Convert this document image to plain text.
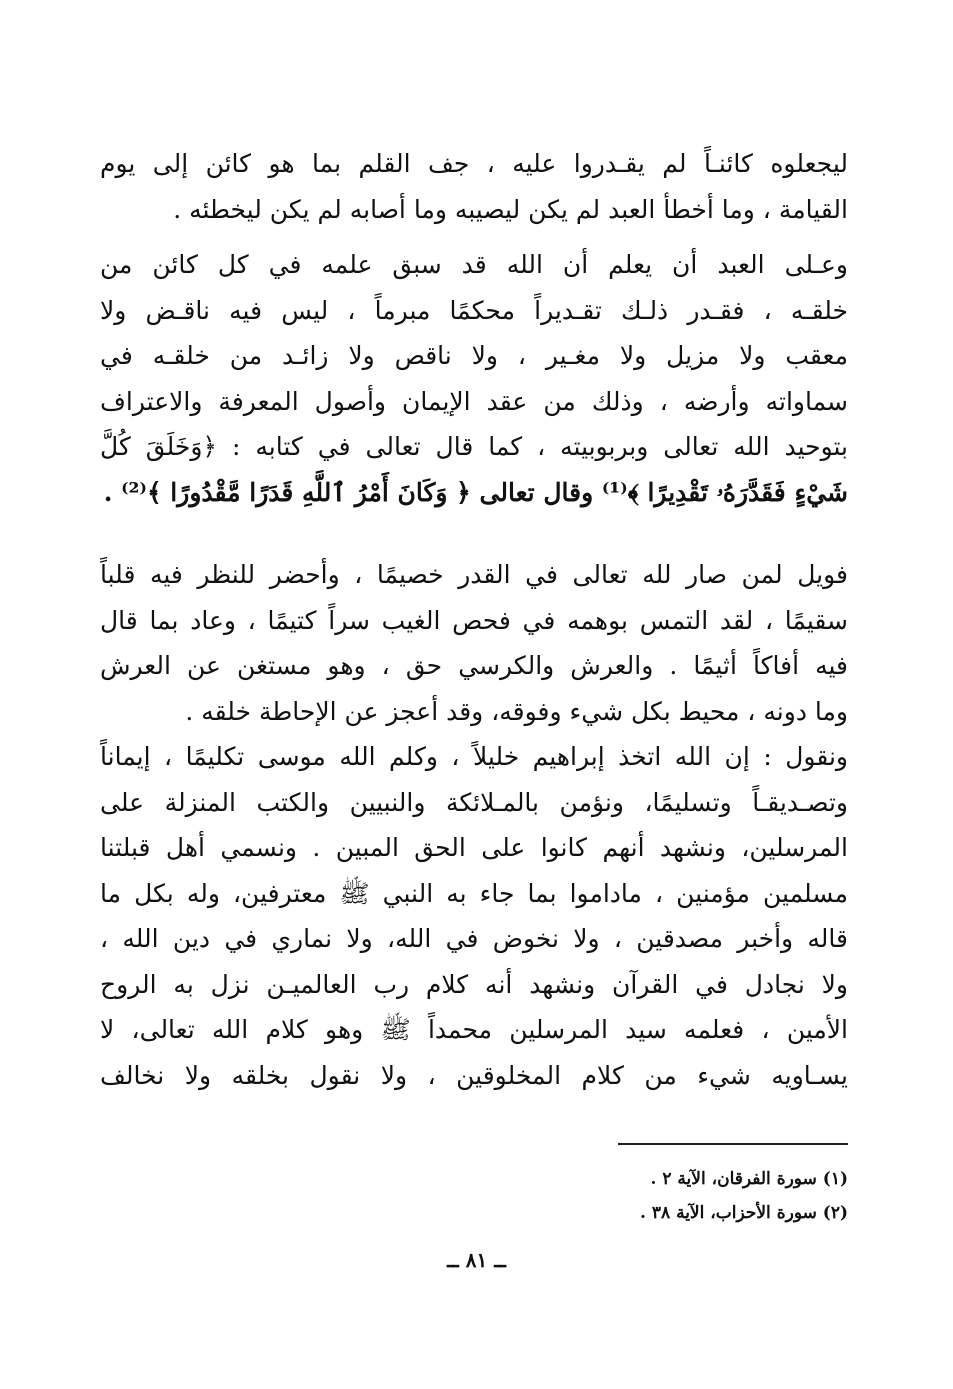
ليجعلوه كائنـاً لم يقـدروا عليه ، جف القلم بما هو كائن إلى يوم
القيامة ، وما أخطأ العبد لم يكن ليصيبه وما أصابه لم يكن ليخطئه .
وعـلى العبد أن يعلم أن الله قد سبق علمه في كل كائن من
خلقـه ، فقـدر ذلـك تقـديراً محكمًا مبرماً ، ليس فيه ناقـض ولا
معقب ولا مزيل ولا مغـير ، ولا ناقص ولا زائـد من خلقـه في
سماواته وأرضه ، وذلك من عقد الإيمان وأصول المعرفة والاعتراف
بتوحيد الله تعالى وبربوبيته ، كما قال تعالى في كتابه : ﴿وَخَلَقَ كُلَّ
شَيْءٍ فَقَدَّرَهُۥ تَقْدِيرًا ﴾⁽¹⁾ وقال تعالى ﴿ وَكَانَ أَمْرُ ٱللَّهِ قَدَرًا مَّقْدُورًا ﴾⁽²⁾ .
فويل لمن صار لله تعالى في القدر خصيمًا ، وأحضر للنظر فيه قلباً
سقيمًا ، لقد التمس بوهمه في فحص الغيب سراً كتيمًا ، وعاد بما قال
فيه أفاكاً أثيمًا . والعرش والكرسي حق ، وهو مستغن عن العرش
وما دونه ، محيط بكل شيء وفوقه، وقد أعجز عن الإحاطة خلقه .
ونقول : إن الله اتخذ إبراهيم خليلاً ، وكلم الله موسى تكليمًا ، إيماناً
وتصـديقـاً وتسليمًا، ونؤمن بالمـلائكة والنبيين والكتب المنزلة على
المرسلين، ونشهد أنهم كانوا على الحق المبين . ونسمي أهل قبلتنا
مسلمين مؤمنين ، ماداموا بما جاء به النبي ﷺ معترفين، وله بكل ما
قاله وأخبر مصدقين ، ولا نخوض في الله، ولا نماري في دين الله ،
ولا نجادل في القرآن ونشهد أنه كلام رب العالميـن نزل به الروح
الأمين ، فعلمه سيد المرسلين محمداً ﷺ وهو كلام الله تعالى، لا
يسـاويه شيء من كلام المخلوقين ، ولا نقول بخلقه ولا نخالف
(١) سورة الفرقان، الآية ٢ .
(٢) سورة الأحزاب، الآية ٣٨ .
ــ ٨١ ــ
